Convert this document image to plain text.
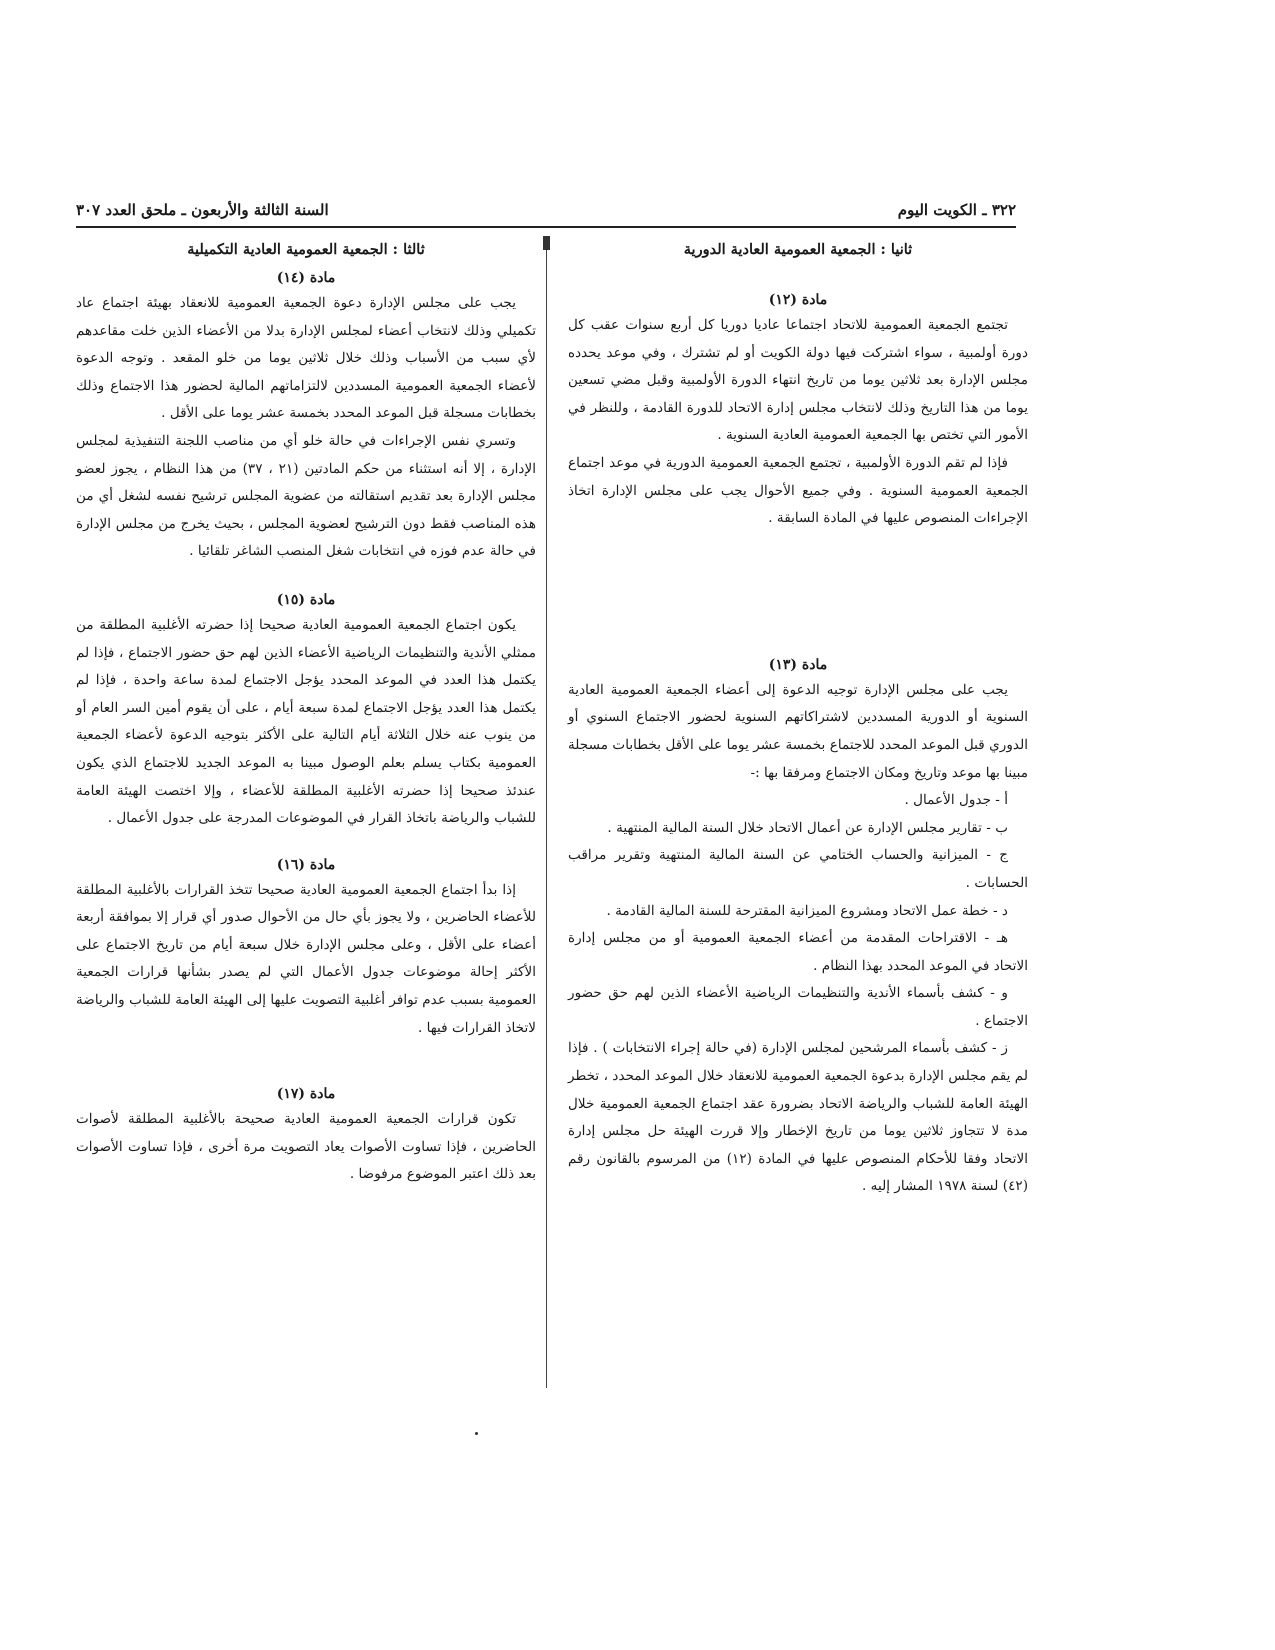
٣٢٢ ـ الكويت اليوم
السنة الثالثة والأربعون ـ ملحق العدد ٣٠٧
ثانيا : الجمعية العمومية العادية الدورية
مادة (١٢)

تجتمع الجمعية العمومية للاتحاد اجتماعا عاديا دوريا كل أربع سنوات عقب كل دورة أولمبية ، سواء اشتركت فيها دولة الكويت أو لم تشترك ، وفي موعد يحدده مجلس الإدارة بعد ثلاثين يوما من تاريخ انتهاء الدورة الأولمبية وقبل مضي تسعين يوما من هذا التاريخ وذلك لانتخاب مجلس إدارة الاتحاد للدورة القادمة ، وللنظر في الأمور التي تختص بها الجمعية العمومية العادية السنوية .

فإذا لم تقم الدورة الأولمبية ، تجتمع الجمعية العمومية الدورية في موعد اجتماع الجمعية العمومية السنوية . وفي جميع الأحوال يجب على مجلس الإدارة اتخاذ الإجراءات المنصوص عليها في المادة السابقة .

مادة (١٣)

يجب على مجلس الإدارة توجيه الدعوة إلى أعضاء الجمعية العمومية العادية السنوية أو الدورية المسددين لاشتراكاتهم السنوية لحضور الاجتماع السنوي أو الدوري قبل الموعد المحدد للاجتماع بخمسة عشر يوما على الأقل بخطابات مسجلة مبينا بها موعد وتاريخ ومكان الاجتماع ومرفقا بها :-

أ - جدول الأعمال .

ب - تقارير مجلس الإدارة عن أعمال الاتحاد خلال السنة المالية المنتهية .

ج - الميزانية والحساب الختامي عن السنة المالية المنتهية وتقرير مراقب الحسابات .

د - خطة عمل الاتحاد ومشروع الميزانية المقترحة للسنة المالية القادمة .

هـ - الاقتراحات المقدمة من أعضاء الجمعية العمومية أو من مجلس إدارة الاتحاد في الموعد المحدد بهذا النظام .

و - كشف بأسماء الأندية والتنظيمات الرياضية الأعضاء الذين لهم حق حضور الاجتماع .

ز - كشف بأسماء المرشحين لمجلس الإدارة (في حالة إجراء الانتخابات ) . فإذا لم يقم مجلس الإدارة بدعوة الجمعية العمومية للانعقاد خلال الموعد المحدد ، تخطر الهيئة العامة للشباب والرياضة الاتحاد بضرورة عقد اجتماع الجمعية العمومية خلال مدة لا تتجاوز ثلاثين يوما من تاريخ الإخطار وإلا قررت الهيئة حل مجلس إدارة الاتحاد وفقا للأحكام المنصوص عليها في المادة (١٢) من المرسوم بالقانون رقم (٤٢) لسنة ١٩٧٨ المشار إليه .

ثالثا : الجمعية العمومية العادية التكميلية
مادة (١٤)

يجب على مجلس الإدارة دعوة الجمعية العمومية للانعقاد بهيئة اجتماع عاد تكميلي وذلك لانتخاب أعضاء لمجلس الإدارة بدلا من الأعضاء الذين خلت مقاعدهم لأي سبب من الأسباب وذلك خلال ثلاثين يوما من خلو المقعد . وتوجه الدعوة لأعضاء الجمعية العمومية المسددين لالتزاماتهم المالية لحضور هذا الاجتماع وذلك بخطابات مسجلة قبل الموعد المحدد بخمسة عشر يوما على الأقل .

وتسري نفس الإجراءات في حالة خلو أي من مناصب اللجنة التنفيذية لمجلس الإدارة ، إلا أنه استثناء من حكم المادتين (٢١ ، ٣٧) من هذا النظام ، يجوز لعضو مجلس الإدارة بعد تقديم استقالته من عضوية المجلس ترشيح نفسه لشغل أي من هذه المناصب فقط دون الترشيح لعضوية المجلس ، بحيث يخرج من مجلس الإدارة في حالة عدم فوزه في انتخابات شغل المنصب الشاغر تلقائيا .

مادة (١٥)

يكون اجتماع الجمعية العمومية العادية صحيحا إذا حضرته الأغلبية المطلقة من ممثلي الأندية والتنظيمات الرياضية الأعضاء الذين لهم حق حضور الاجتماع ، فإذا لم يكتمل هذا العدد في الموعد المحدد يؤجل الاجتماع لمدة ساعة واحدة ، فإذا لم يكتمل هذا العدد يؤجل الاجتماع لمدة سبعة أيام ، على أن يقوم أمين السر العام أو من ينوب عنه خلال الثلاثة أيام التالية على الأكثر بتوجيه الدعوة لأعضاء الجمعية العمومية بكتاب يسلم بعلم الوصول مبينا به الموعد الجديد للاجتماع الذي يكون عندئذ صحيحا إذا حضرته الأغلبية المطلقة للأعضاء ، وإلا اختصت الهيئة العامة للشباب والرياضة باتخاذ القرار في الموضوعات المدرجة على جدول الأعمال .

مادة (١٦)

إذا بدأ اجتماع الجمعية العمومية العادية صحيحا تتخذ القرارات بالأغلبية المطلقة للأعضاء الحاضرين ، ولا يجوز بأي حال من الأحوال صدور أي قرار إلا بموافقة أربعة أعضاء على الأقل ، وعلى مجلس الإدارة خلال سبعة أيام من تاريخ الاجتماع على الأكثر إحالة موضوعات جدول الأعمال التي لم يصدر بشأنها قرارات الجمعية العمومية بسبب عدم توافر أغلبية التصويت عليها إلى الهيئة العامة للشباب والرياضة لاتخاذ القرارات فيها .

مادة (١٧)

تكون قرارات الجمعية العمومية العادية صحيحة بالأغلبية المطلقة لأصوات الحاضرين ، فإذا تساوت الأصوات يعاد التصويت مرة أخرى ، فإذا تساوت الأصوات بعد ذلك اعتبر الموضوع مرفوضا .
